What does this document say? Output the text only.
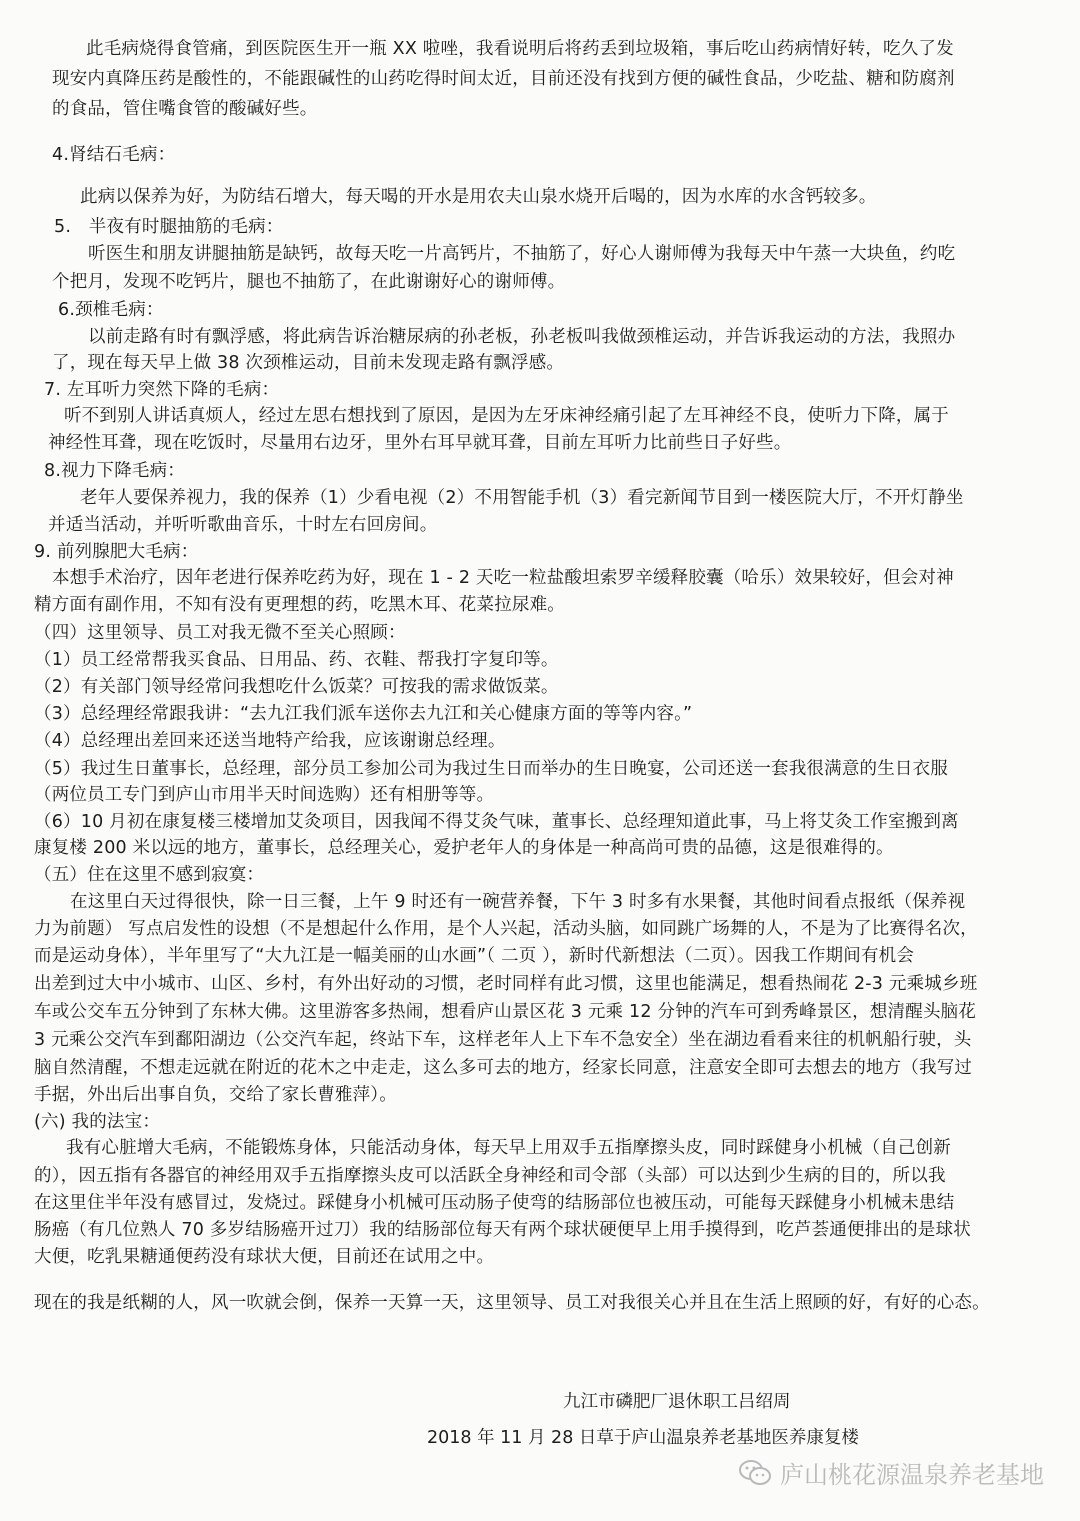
此毛病烧得食管痛，到医院医生开一瓶 XX 啦唑，我看说明后将药丢到垃圾箱，事后吃山药病情好转，吃久了发
现安内真降压药是酸性的，不能跟碱性的山药吃得时间太近，目前还没有找到方便的碱性食品，少吃盐、糖和防腐剂
的食品，管住嘴食管的酸碱好些。
4.肾结石毛病：
此病以保养为好，为防结石增大，每天喝的开水是用农夫山泉水烧开后喝的，因为水库的水含钙较多。
5.　半夜有时腿抽筋的毛病：
听医生和朋友讲腿抽筋是缺钙，故每天吃一片高钙片，不抽筋了，好心人谢师傅为我每天中午蒸一大块鱼，约吃
个把月，发现不吃钙片，腿也不抽筋了，在此谢谢好心的谢师傅。
6.颈椎毛病：
以前走路有时有飘浮感，将此病告诉治糖尿病的孙老板，孙老板叫我做颈椎运动，并告诉我运动的方法，我照办
了，现在每天早上做 38 次颈椎运动，目前未发现走路有飘浮感。
7. 左耳听力突然下降的毛病：
听不到别人讲话真烦人，经过左思右想找到了原因，是因为左牙床神经痛引起了左耳神经不良，使听力下降，属于
神经性耳聋，现在吃饭时，尽量用右边牙，里外右耳早就耳聋，目前左耳听力比前些日子好些。
8.视力下降毛病：
老年人要保养视力，我的保养（1）少看电视（2）不用智能手机（3）看完新闻节目到一楼医院大厅，不开灯静坐
并适当活动，并听听歌曲音乐，十时左右回房间。
9. 前列腺肥大毛病：
本想手术治疗，因年老进行保养吃药为好，现在 1 - 2 天吃一粒盐酸坦索罗辛缓释胶囊（哈乐）效果较好，但会对神
精方面有副作用，不知有没有更理想的药，吃黑木耳、花菜拉尿难。
（四）这里领导、员工对我无微不至关心照顾：
（1）员工经常帮我买食品、日用品、药、衣鞋、帮我打字复印等。
（2）有关部门领导经常问我想吃什么饭菜？可按我的需求做饭菜。
（3）总经理经常跟我讲：“去九江我们派车送你去九江和关心健康方面的等等内容。”
（4）总经理出差回来还送当地特产给我，应该谢谢总经理。
（5）我过生日董事长，总经理，部分员工参加公司为我过生日而举办的生日晚宴，公司还送一套我很满意的生日衣服
（两位员工专门到庐山市用半天时间选购）还有相册等等。
（6）10 月初在康复楼三楼增加艾灸项目，因我闻不得艾灸气味，董事长、总经理知道此事，马上将艾灸工作室搬到离
康复楼 200 米以远的地方，董事长，总经理关心，爱护老年人的身体是一种高尚可贵的品德，这是很难得的。
（五）住在这里不感到寂寞：
在这里白天过得很快，除一日三餐，上午 9 时还有一碗营养餐，下午 3 时多有水果餐，其他时间看点报纸（保养视
力为前题） 写点启发性的设想（不是想起什么作用，是个人兴起，活动头脑，如同跳广场舞的人，不是为了比赛得名次，
而是运动身体），半年里写了“大九江是一幅美丽的山水画”（ 二页 ），新时代新想法（二页）。因我工作期间有机会
出差到过大中小城市、山区、乡村，有外出好动的习惯，老时同样有此习惯，这里也能满足，想看热闹花 2-3 元乘城乡班
车或公交车五分钟到了东林大佛。这里游客多热闹，想看庐山景区花 3 元乘 12 分钟的汽车可到秀峰景区，想清醒头脑花
3 元乘公交汽车到鄱阳湖边（公交汽车起，终站下车，这样老年人上下车不急安全）坐在湖边看看来往的机帆船行驶，头
脑自然清醒，不想走远就在附近的花木之中走走，这么多可去的地方，经家长同意，注意安全即可去想去的地方（我写过
手据，外出后出事自负，交给了家长曹雅萍）。
(六) 我的法宝：
我有心脏增大毛病，不能锻炼身体，只能活动身体，每天早上用双手五指摩擦头皮，同时踩健身小机械（自己创新
的），因五指有各器官的神经用双手五指摩擦头皮可以活跃全身神经和司令部（头部）可以达到少生病的目的，所以我
在这里住半年没有感冒过，发烧过。踩健身小机械可压动肠子使弯的结肠部位也被压动，可能每天踩健身小机械未患结
肠癌（有几位熟人 70 多岁结肠癌开过刀）我的结肠部位每天有两个球状硬便早上用手摸得到，吃芦荟通便排出的是球状
大便，吃乳果糖通便药没有球状大便，目前还在试用之中。
现在的我是纸糊的人，风一吹就会倒，保养一天算一天，这里领导、员工对我很关心并且在生活上照顾的好，有好的心态。
九江市磷肥厂退休职工吕绍周
2018 年 11 月 28 日草于庐山温泉养老基地医养康复楼
庐山桃花源温泉养老基地
